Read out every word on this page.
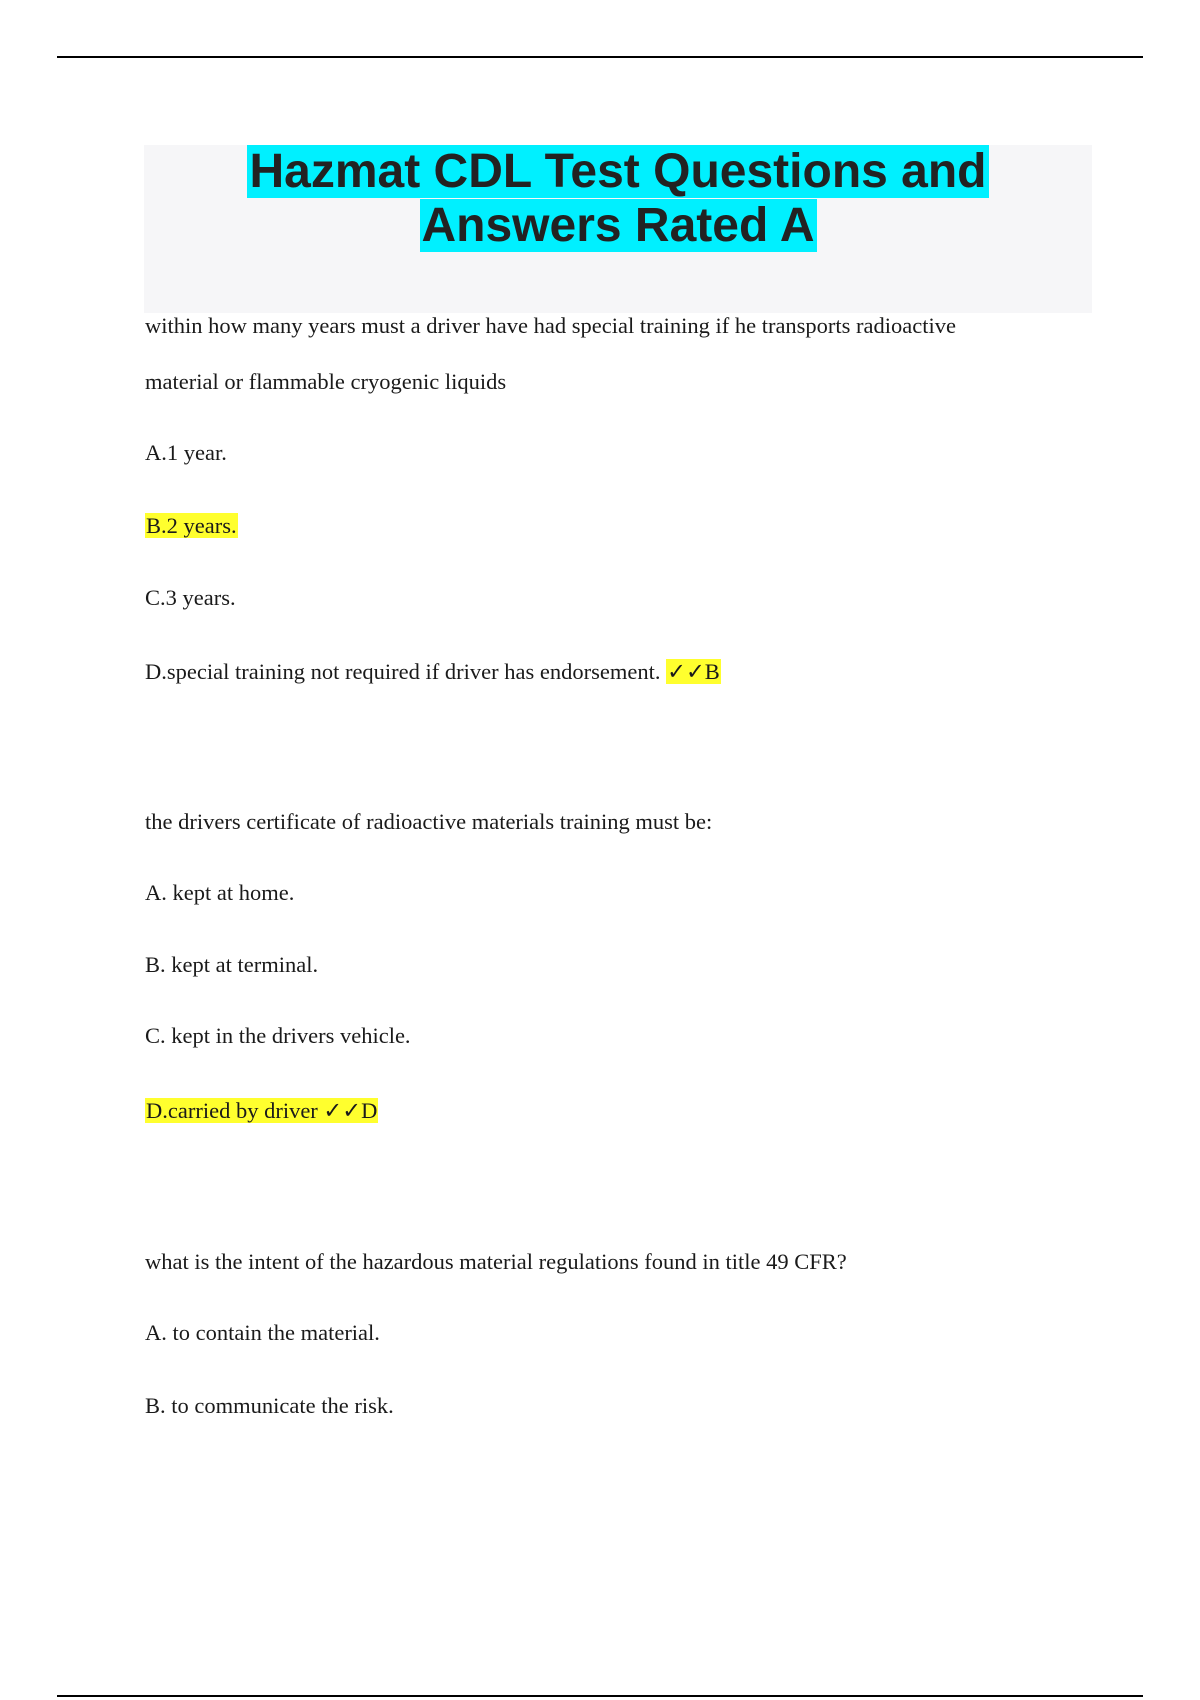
Hazmat CDL Test Questions and Answers Rated A
within how many years must a driver have had special training if he transports radioactive
material or flammable cryogenic liquids
A.1 year.
B.2 years.
C.3 years.
D.special training not required if driver has endorsement. ✓✓B
the drivers certificate of radioactive materials training must be:
A. kept at home.
B. kept at terminal.
C. kept in the drivers vehicle.
D.carried by driver ✓✓D
what is the intent of the hazardous material regulations found in title 49 CFR?
A. to contain the material.
B. to communicate the risk.
